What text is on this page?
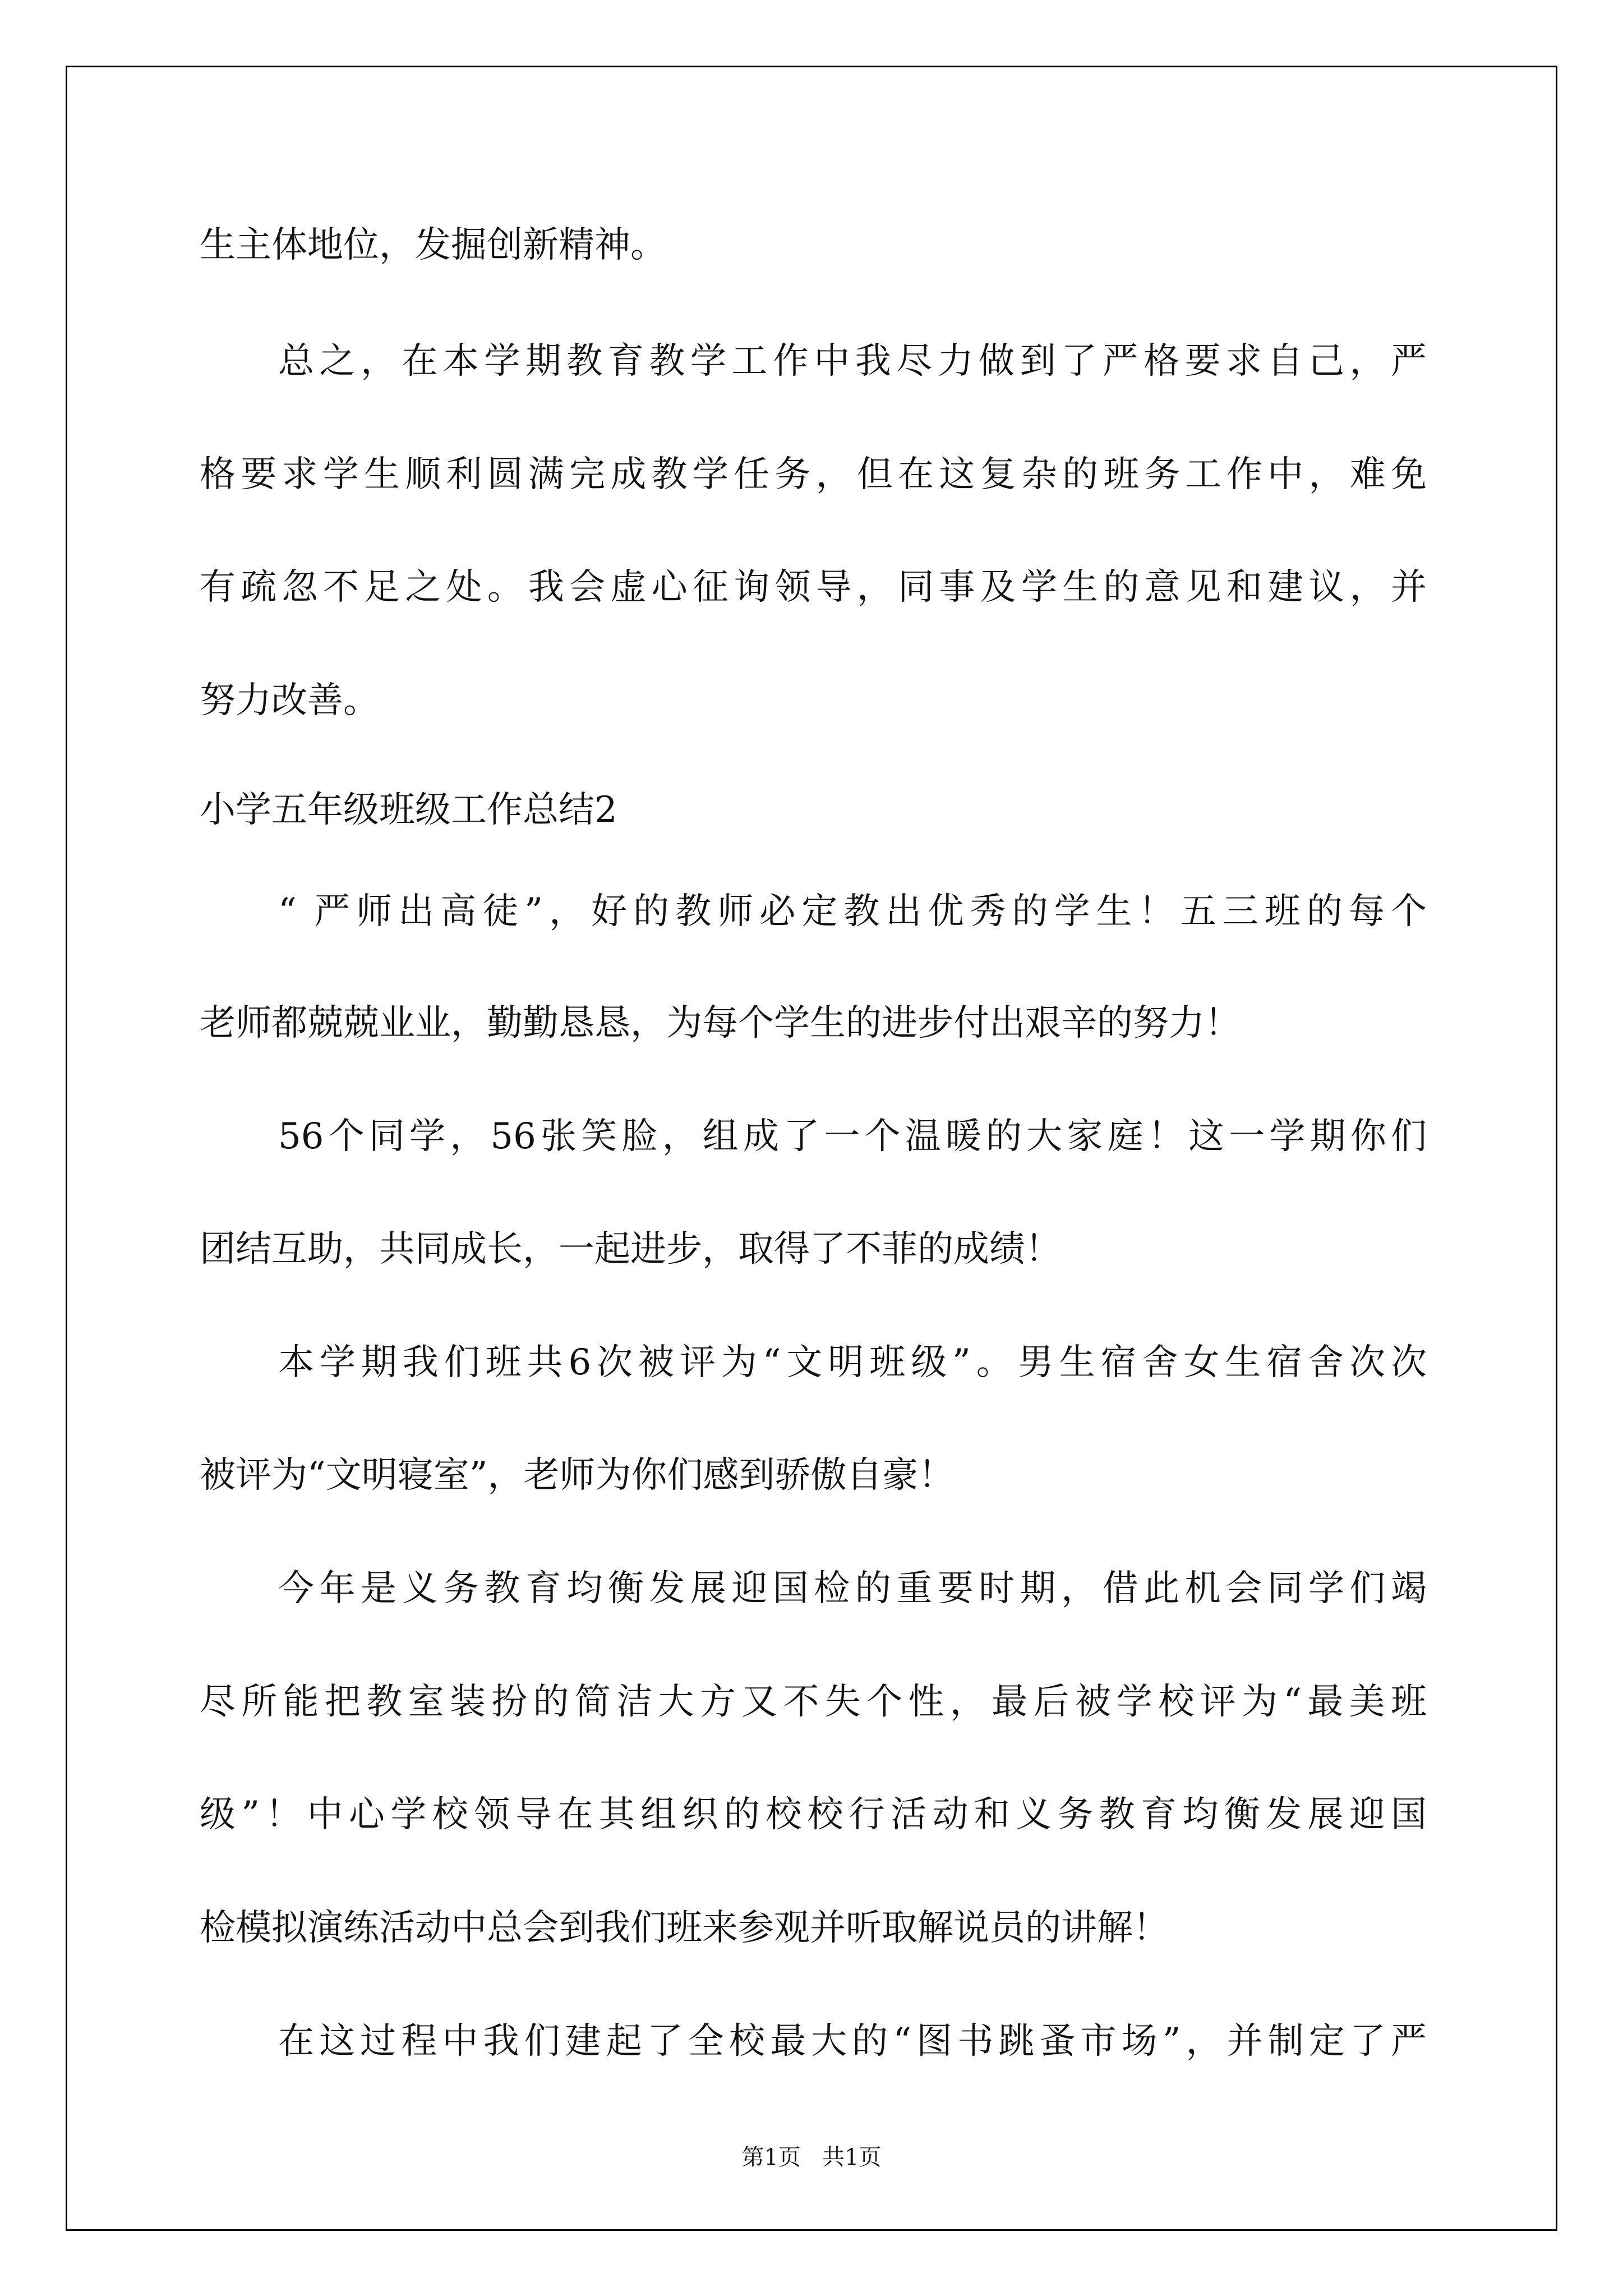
生主体地位，发掘创新精神。
总之，在本学期教育教学工作中我尽力做到了严格要求自己，严
格要求学生顺利圆满完成教学任务，但在这复杂的班务工作中，难免
有疏忽不足之处。我会虚心征询领导，同事及学生的意见和建议，并
努力改善。
小学五年级班级工作总结2
“ 严师出高徒”，好的教师必定教出优秀的学生！五三班的每个
老师都兢兢业业，勤勤恳恳，为每个学生的进步付出艰辛的努力！
56个同学，56张笑脸，组成了一个温暖的大家庭！这一学期你们
团结互助，共同成长，一起进步，取得了不菲的成绩！
本学期我们班共6次被评为“文明班级”。男生宿舍女生宿舍次次
被评为“文明寝室”，老师为你们感到骄傲自豪！
今年是义务教育均衡发展迎国检的重要时期，借此机会同学们竭
尽所能把教室装扮的简洁大方又不失个性，最后被学校评为“最美班
级”！中心学校领导在其组织的校校行活动和义务教育均衡发展迎国
检模拟演练活动中总会到我们班来参观并听取解说员的讲解！
在这过程中我们建起了全校最大的“图书跳蚤市场”，并制定了严
第1页   共1页
